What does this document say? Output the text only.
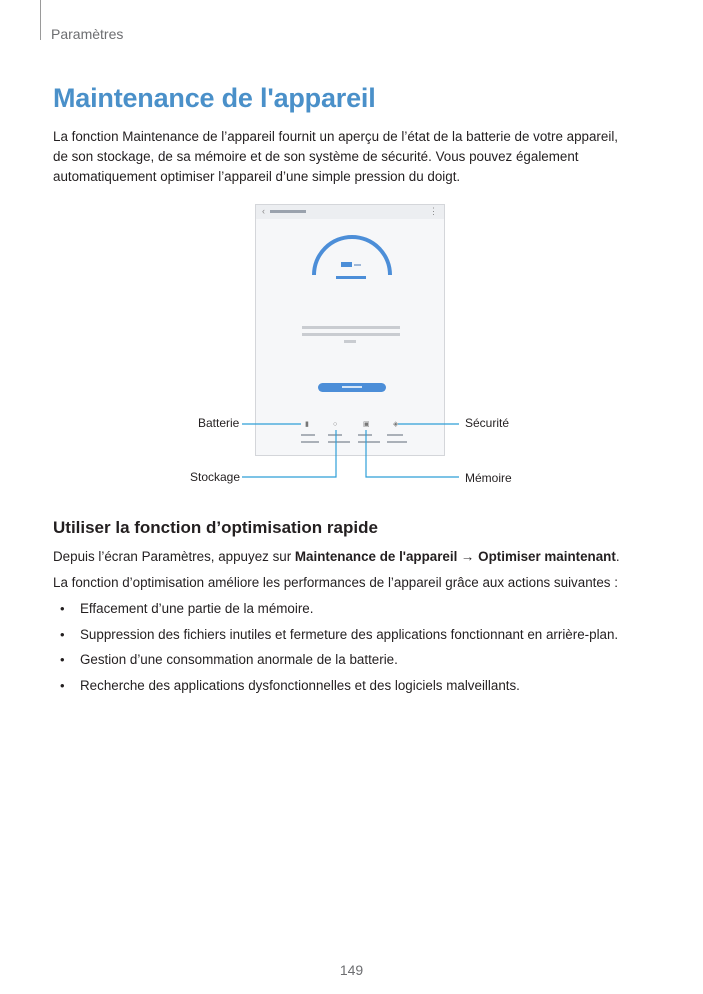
Paramètres
Maintenance de l'appareil

La fonction Maintenance de l’appareil fournit un aperçu de l’état de la batterie de votre appareil,
de son stockage, de sa mémoire et de son système de sécurité. Vous pouvez également
automatiquement optimiser l’appareil d’une simple pression du doigt.

‹	⋮
▮	○	▣	◈
Batterie	Sécurité
Stockage	Mémoire
Utiliser la fonction d’optimisation rapide

Depuis l’écran Paramètres, appuyez sur Maintenance de l'appareil → Optimiser maintenant.

La fonction d’optimisation améliore les performances de l’appareil grâce aux actions suivantes :

• Effacement d’une partie de la mémoire.
• Suppression des fichiers inutiles et fermeture des applications fonctionnant en arrière-plan.
• Gestion d’une consommation anormale de la batterie.
• Recherche des applications dysfonctionnelles et des logiciels malveillants.
149
